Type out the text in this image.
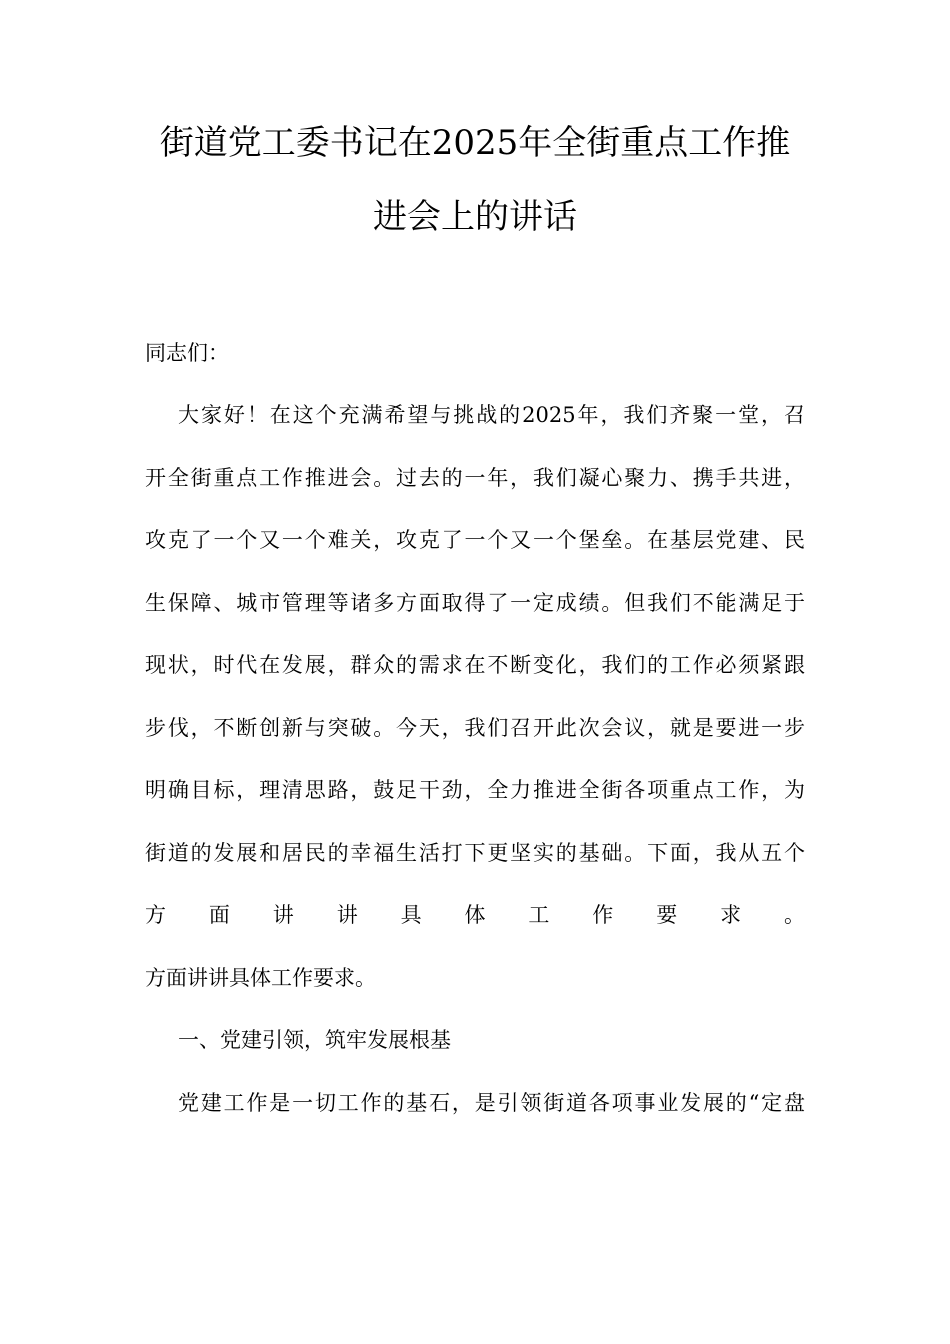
街道党工委书记在2025年全街重点工作推
进会上的讲话
同志们：
大家好！在这个充满希望与挑战的2025年，我们齐聚一堂，召
开全街重点工作推进会。过去的一年，我们凝心聚力、携手共进，
攻克了一个又一个难关，攻克了一个又一个堡垒。在基层党建、民
生保障、城市管理等诸多方面取得了一定成绩。但我们不能满足于
现状，时代在发展，群众的需求在不断变化，我们的工作必须紧跟
步伐，不断创新与突破。今天，我们召开此次会议，就是要进一步
明确目标，理清思路，鼓足干劲，全力推进全街各项重点工作，为
街道的发展和居民的幸福生活打下更坚实的基础。下面，我从五个
方面讲讲具体工作要求。
方面讲讲具体工作要求。
一、党建引领，筑牢发展根基
党建工作是一切工作的基石，是引领街道各项事业发展的“定盘
